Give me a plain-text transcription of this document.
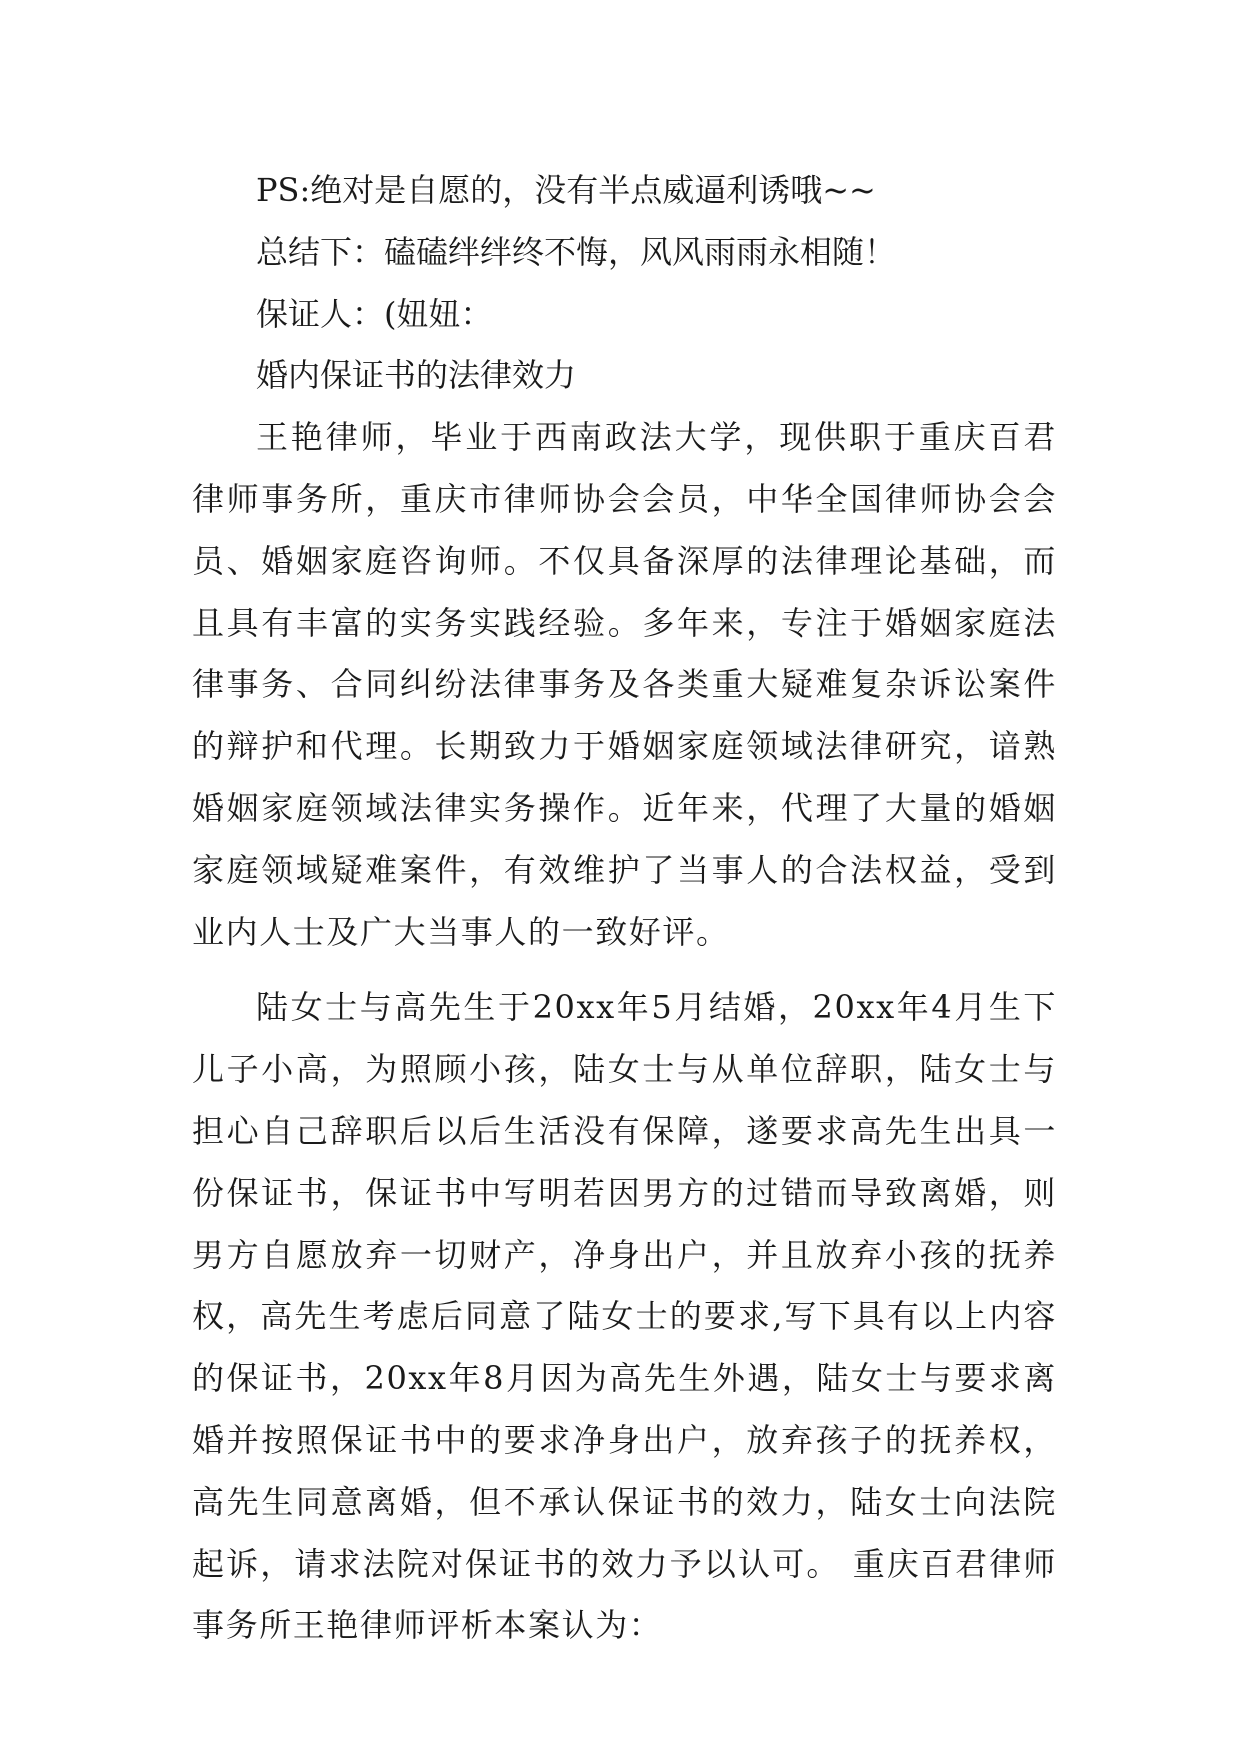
PS:绝对是自愿的，没有半点威逼利诱哦~~

总结下：磕磕绊绊终不悔，风风雨雨永相随！

保证人：(妞妞：

婚内保证书的法律效力

王艳律师，毕业于西南政法大学，现供职于重庆百君律师事务所，重庆市律师协会会员，中华全国律师协会会员、婚姻家庭咨询师。不仅具备深厚的法律理论基础，而且具有丰富的实务实践经验。多年来，专注于婚姻家庭法律事务、合同纠纷法律事务及各类重大疑难复杂诉讼案件的辩护和代理。长期致力于婚姻家庭领域法律研究，谙熟婚姻家庭领域法律实务操作。近年来，代理了大量的婚姻家庭领域疑难案件，有效维护了当事人的合法权益，受到业内人士及广大当事人的一致好评。

陆女士与高先生于20xx年5月结婚，20xx年4月生下儿子小高，为照顾小孩，陆女士与从单位辞职，陆女士与担心自己辞职后以后生活没有保障，遂要求高先生出具一份保证书，保证书中写明若因男方的过错而导致离婚，则男方自愿放弃一切财产，净身出户，并且放弃小孩的抚养权，高先生考虑后同意了陆女士的要求,写下具有以上内容的保证书，20xx年8月因为高先生外遇，陆女士与要求离婚并按照保证书中的要求净身出户，放弃孩子的抚养权，高先生同意离婚，但不承认保证书的效力，陆女士向法院起诉，请求法院对保证书的效力予以认可。 重庆百君律师事务所王艳律师评析本案认为：
